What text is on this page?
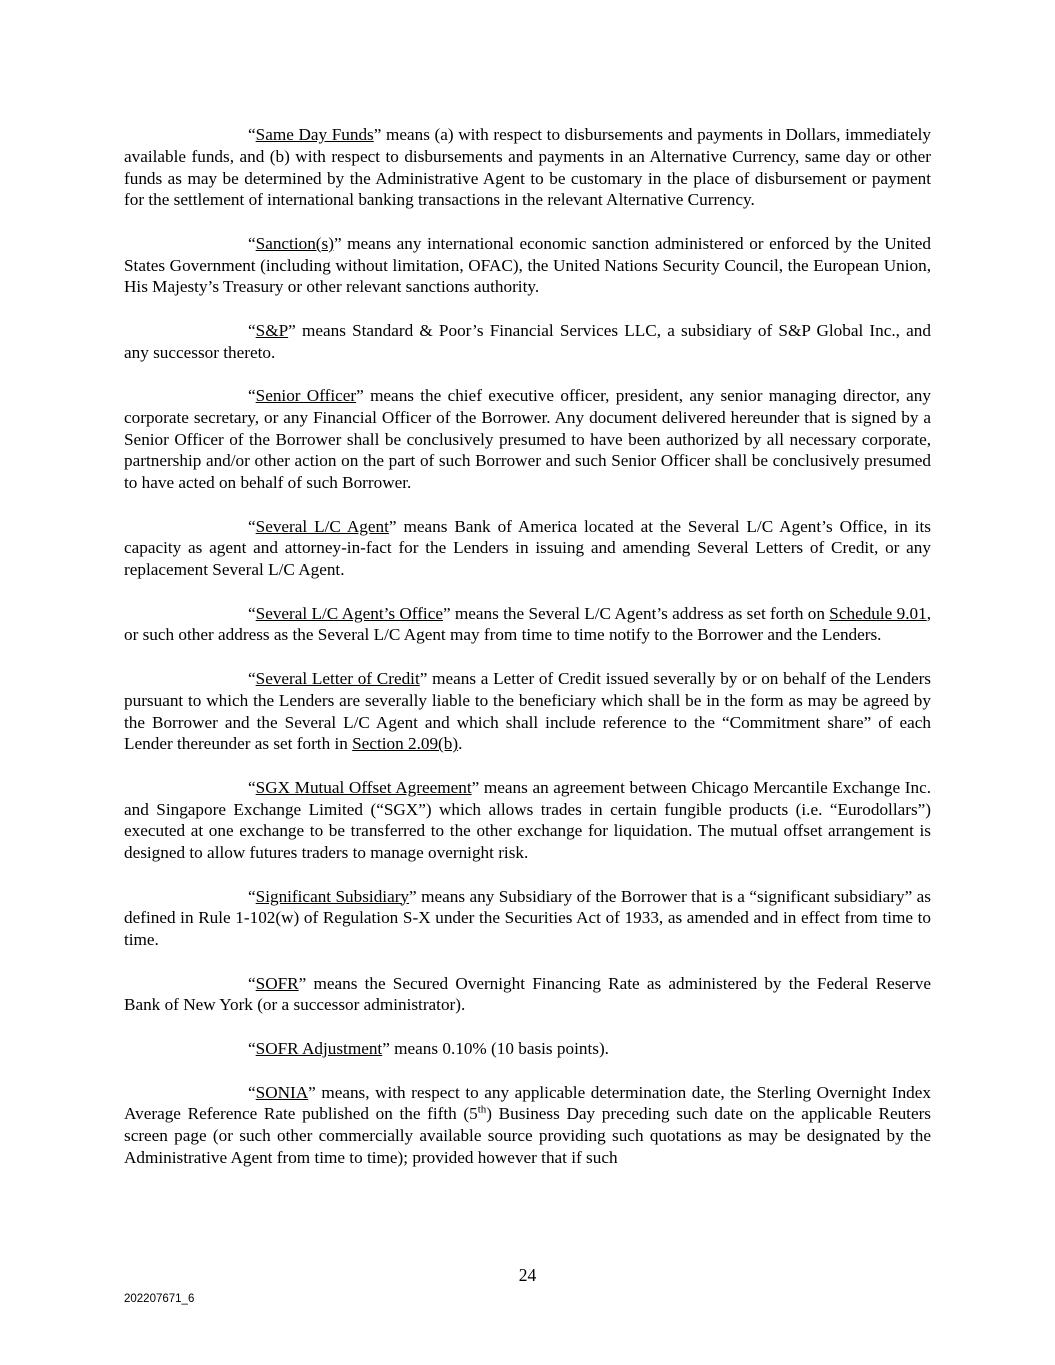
“Same Day Funds” means (a) with respect to disbursements and payments in Dollars, immediately available funds, and (b) with respect to disbursements and payments in an Alternative Currency, same day or other funds as may be determined by the Administrative Agent to be customary in the place of disbursement or payment for the settlement of international banking transactions in the relevant Alternative Currency.

“Sanction(s)” means any international economic sanction administered or enforced by the United States Government (including without limitation, OFAC), the United Nations Security Council, the European Union, His Majesty’s Treasury or other relevant sanctions authority.

“S&P” means Standard & Poor’s Financial Services LLC, a subsidiary of S&P Global Inc., and any successor thereto.

“Senior Officer” means the chief executive officer, president, any senior managing director, any corporate secretary, or any Financial Officer of the Borrower. Any document delivered hereunder that is signed by a Senior Officer of the Borrower shall be conclusively presumed to have been authorized by all necessary corporate, partnership and/or other action on the part of such Borrower and such Senior Officer shall be conclusively presumed to have acted on behalf of such Borrower.

“Several L/C Agent” means Bank of America located at the Several L/C Agent’s Office, in its capacity as agent and attorney-in-fact for the Lenders in issuing and amending Several Letters of Credit, or any replacement Several L/C Agent.

“Several L/C Agent’s Office” means the Several L/C Agent’s address as set forth on Schedule 9.01, or such other address as the Several L/C Agent may from time to time notify to the Borrower and the Lenders.

“Several Letter of Credit” means a Letter of Credit issued severally by or on behalf of the Lenders pursuant to which the Lenders are severally liable to the beneficiary which shall be in the form as may be agreed by the Borrower and the Several L/C Agent and which shall include reference to the “Commitment share” of each Lender thereunder as set forth in Section 2.09(b).

“SGX Mutual Offset Agreement” means an agreement between Chicago Mercantile Exchange Inc. and Singapore Exchange Limited (“SGX”) which allows trades in certain fungible products (i.e. “Eurodollars”) executed at one exchange to be transferred to the other exchange for liquidation. The mutual offset arrangement is designed to allow futures traders to manage overnight risk.

“Significant Subsidiary” means any Subsidiary of the Borrower that is a “significant subsidiary” as defined in Rule 1-102(w) of Regulation S-X under the Securities Act of 1933, as amended and in effect from time to time.

“SOFR” means the Secured Overnight Financing Rate as administered by the Federal Reserve Bank of New York (or a successor administrator).

“SOFR Adjustment” means 0.10% (10 basis points).

“SONIA” means, with respect to any applicable determination date, the Sterling Overnight Index Average Reference Rate published on the fifth (5th) Business Day preceding such date on the applicable Reuters screen page (or such other commercially available source providing such quotations as may be designated by the Administrative Agent from time to time); provided however that if such

24
202207671_6
